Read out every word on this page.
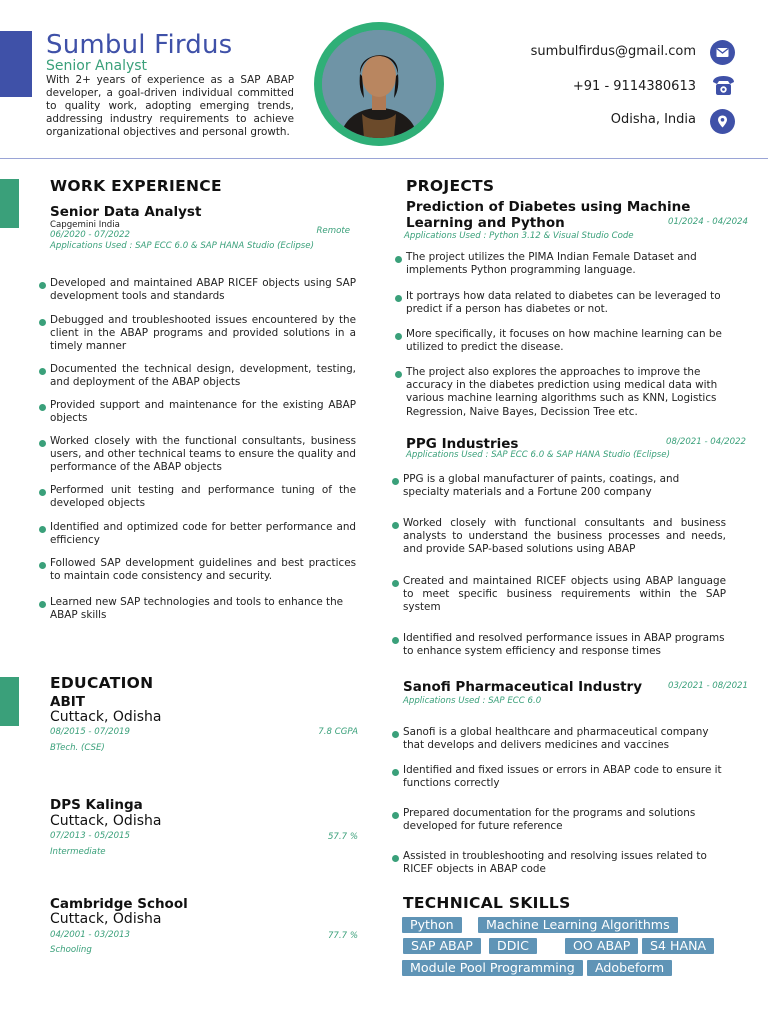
Sumbul Firdus
Senior Analyst
With 2+ years of experience as a SAP ABAP developer, a goal-driven individual committed to quality work, adopting emerging trends, addressing industry requirements to achieve organizational objectives and personal growth.
sumbulfirdus@gmail.com
+91 - 9114380613
Odisha, India
WORK EXPERIENCE
Senior Data Analyst
Capgemini India
06/2020 - 07/2022	Remote
Applications Used : SAP ECC 6.0 & SAP HANA Studio (Eclipse)
Developed and maintained ABAP RICEF objects using SAP development tools and standards
Debugged and troubleshooted issues encountered by the client in the ABAP programs and provided solutions in a timely manner
Documented the technical design, development, testing, and deployment of the ABAP objects
Provided support and maintenance for the existing ABAP objects
Worked closely with the functional consultants, business users, and other technical teams to ensure the quality and performance of the ABAP objects
Performed unit testing and performance tuning of the developed objects
Identified and optimized code for better performance and efficiency
Followed SAP development guidelines and best practices to maintain code consistency and security.
Learned new SAP technologies and tools to enhance the ABAP skills
EDUCATION
ABIT
Cuttack, Odisha
08/2015 - 07/2019	7.8 CGPA
BTech. (CSE)
DPS Kalinga
Cuttack, Odisha
07/2013 - 05/2015	57.7 %
Intermediate
Cambridge School
Cuttack, Odisha
04/2001 - 03/2013	77.7 %
Schooling
PROJECTS
Prediction of Diabetes using Machine Learning and Python	01/2024 - 04/2024
Applications Used : Python 3.12 & Visual Studio Code
The project utilizes the PIMA Indian Female Dataset and implements Python programming language.
It portrays how data related to diabetes can be leveraged to predict if a person has diabetes or not.
More specifically, it focuses on how machine learning can be utilized to predict the disease.
The project also explores the approaches to improve the accuracy in the diabetes prediction using medical data with various machine learning algorithms such as KNN, Logistics Regression, Naive Bayes, Decission Tree etc.
PPG Industries	08/2021 - 04/2022
Applications Used : SAP ECC 6.0 & SAP HANA Studio (Eclipse)
PPG is a global manufacturer of paints, coatings, and specialty materials and a Fortune 200 company
Worked closely with functional consultants and business analysts to understand the business processes and needs, and provide SAP-based solutions using ABAP
Created and maintained RICEF objects using ABAP language to meet specific business requirements within the SAP system
Identified and resolved performance issues in ABAP programs to enhance system efficiency and response times
Sanofi Pharmaceutical Industry	03/2021 - 08/2021
Applications Used : SAP ECC 6.0
Sanofi is a global healthcare and pharmaceutical company that develops and delivers medicines and vaccines
Identified and fixed issues or errors in ABAP code to ensure it functions correctly
Prepared documentation for the programs and solutions developed for future reference
Assisted in troubleshooting and resolving issues related to RICEF objects in ABAP code
TECHNICAL SKILLS
Python	Machine Learning Algorithms
SAP ABAP	DDIC	OO ABAP	S4 HANA
Module Pool Programming	Adobeform
